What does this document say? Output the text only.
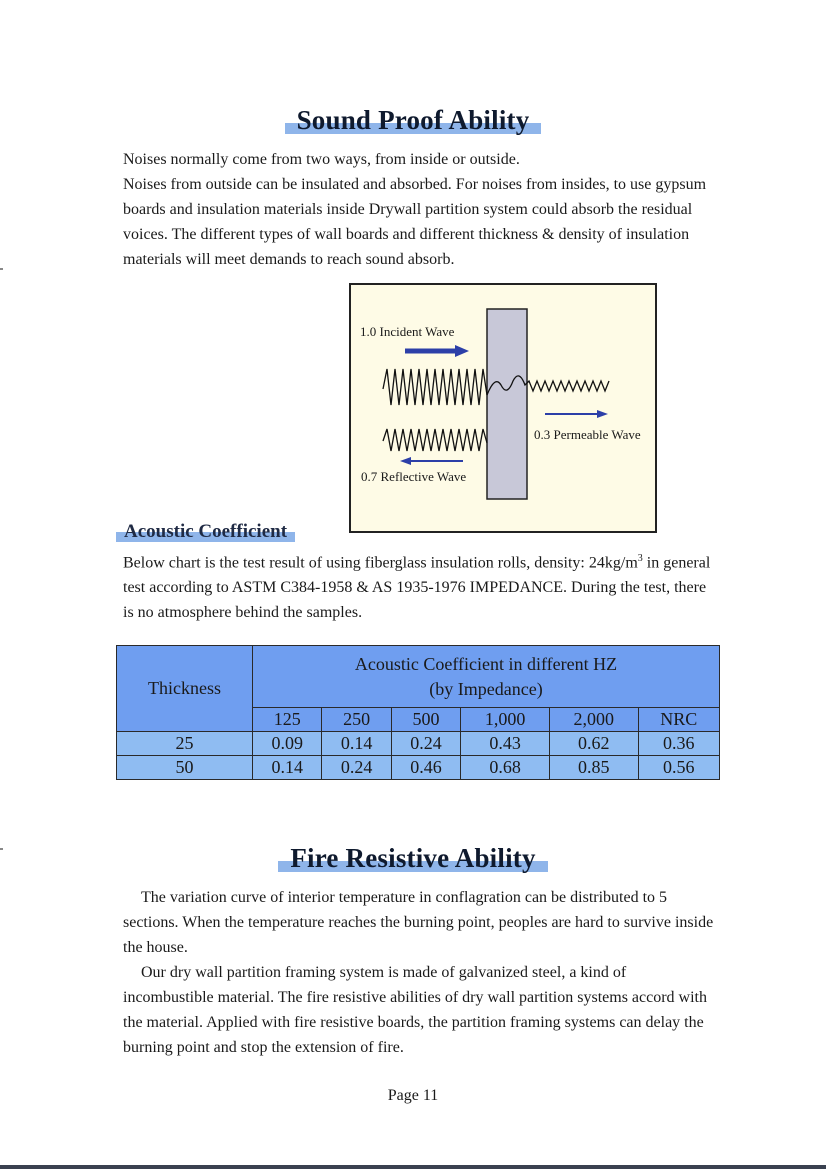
Sound Proof Ability

Noises normally come from two ways, from inside or outside.

Noises from outside can be insulated and absorbed. For noises from insides, to use gypsum boards and insulation materials inside Drywall partition system could absorb the residual voices. The different types of wall boards and different thickness & density of insulation materials will meet demands to reach sound absorb.

1.0 Incident Wave
0.3 Permeable Wave
0.7 Reflective Wave
Acoustic Coefficient

Below chart is the test result of using fiberglass insulation rolls, density: $24kg/m^3$ in general test according to ASTM C384-1958 & AS 1935-1976 IMPEDANCE. During the test, there is no atmosphere behind the samples.

Thickness	Acoustic Coefficient in different HZ
(by Impedance)					

	125	250	500	1,000	2,000	NRC
25	0.09	0.14	0.24	0.43	0.62	0.36
50	0.14	0.24	0.46	0.68	0.85	0.56
Fire Resistive Ability

The variation curve of interior temperature in conflagration can be distributed to 5 sections. When the temperature reaches the burning point, peoples are hard to survive inside the house.

Our dry wall partition framing system is made of galvanized steel, a kind of incombustible material. The fire resistive abilities of dry wall partition systems accord with the material. Applied with fire resistive boards, the partition framing systems can delay the burning point and stop the extension of fire.

Page 11
